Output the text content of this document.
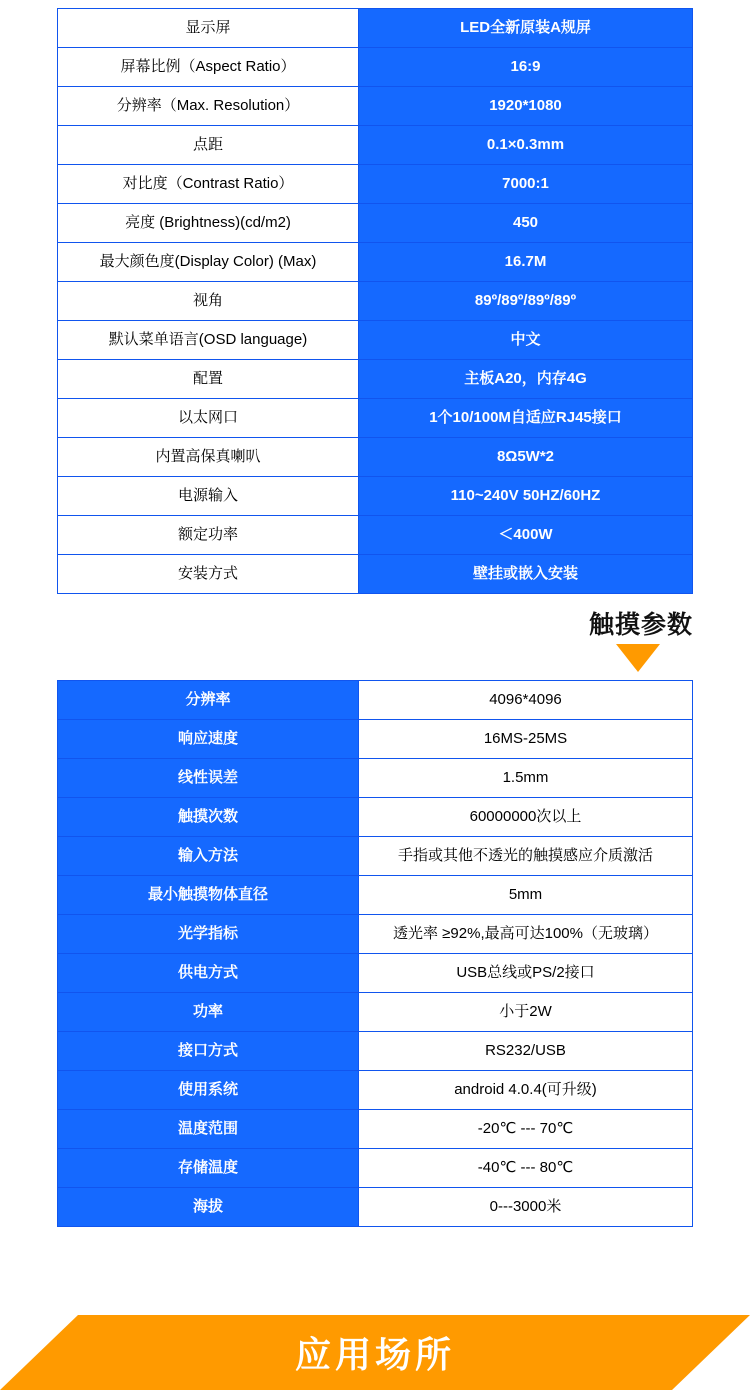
显示屏	LED全新原装A规屏
屏幕比例（Aspect Ratio）	16:9
分辨率（Max. Resolution）	1920*1080
点距	0.1×0.3mm
对比度（Contrast Ratio）	7000:1
亮度 (Brightness)(cd/m2)	450
最大颜色度(Display Color) (Max)	16.7M
视角	89º/89º/89º/89º
默认菜单语言(OSD language)	中文
配置	主板A20，内存4G
以太网口	1个10/100M自适应RJ45接口
内置高保真喇叭	8Ω5W*2
电源输入	110~240V 50HZ/60HZ
额定功率	＜400W
安装方式	壁挂或嵌入安装
触摸参数
分辨率	4096*4096
响应速度	16MS-25MS
线性误差	1.5mm
触摸次数	60000000次以上
输入方法	手指或其他不透光的触摸感应介质激活
最小触摸物体直径	5mm
光学指标	透光率 ≥92%,最高可达100%（无玻璃）
供电方式	USB总线或PS/2接口
功率	小于2W
接口方式	RS232/USB
使用系统	android 4.0.4(可升级)
温度范围	-20℃ --- 70℃
存储温度	-40℃ --- 80℃
海拔	0---3000米
应用场所
